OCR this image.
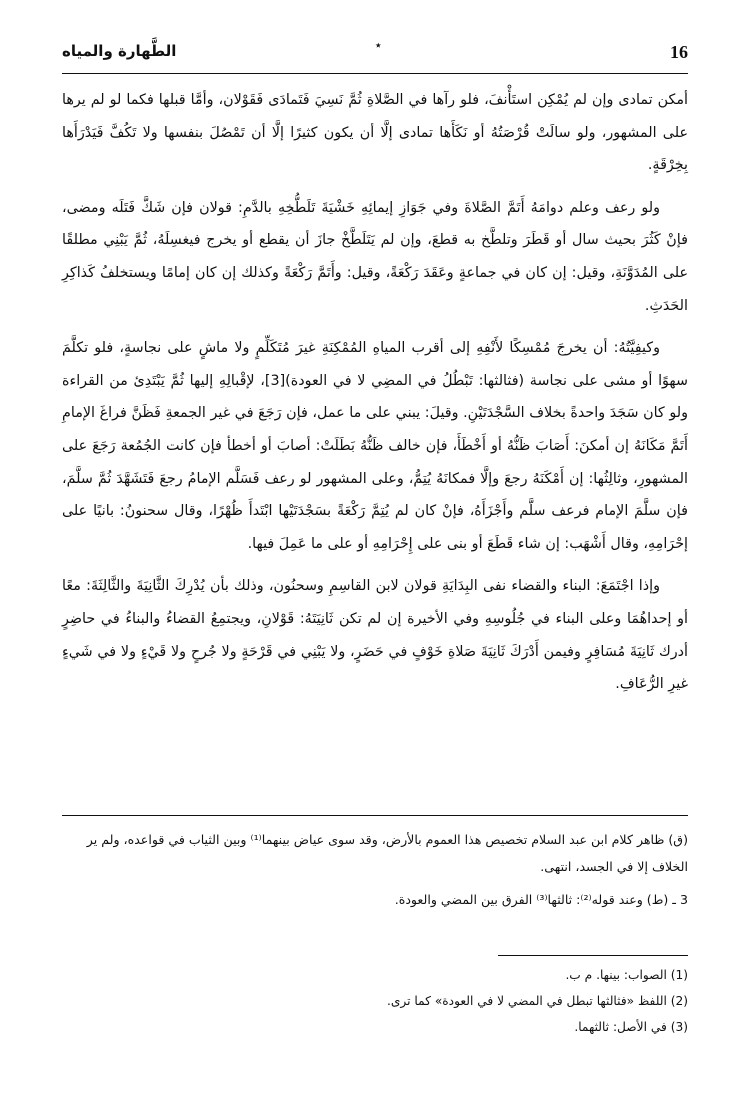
16
٭
الطَّهارة والمياه

أمكن تمادى وإن لم يُمْكِن استَأْنفَ، فلو رآها في الصَّلاةِ ثُمَّ نَسِيَ فَتَمادَى فَقَوْلان، وأمَّا قبلها فكما لو لم يرها على المشهور، ولو سالَتْ قُرْصَتُهُ أو نَكَأَها تمادى إلَّا أن يكون كثيرًا إلَّا أن تَمْصُلَ بنفسها ولا تَكُفَّ فَيَدْرَأَها بِخِرْقَةٍ.

ولو رعف وعلم دوامَهُ أَتَمَّ الصَّلاةَ وفي جَوَازِ إيمائِهِ خَشْيَةَ تَلَطُّخِهِ بالدَّمِ: قولان فإن شَكَّ فَتَلَه ومضى، فإنْ كَثُرَ بحيث سال أو قَطَرَ وتلطَّخ به قطعَ، وإن لم يَتَلَطَّخْ جازَ أن يقطع أو يخرج فيغسِلَهُ، ثُمَّ يَبْنِي مطلقًا على المُدَوَّنَةِ، وقيل: إن كان في جماعةٍ وعَقَدَ رَكْعَةً، وقيل: وأَتَمَّ رَكْعَةً وكذلك إن كان إمامًا ويستخلفُ كَذاكِرِ الحَدَثِ.

وكيفِيَّتُهُ: أن يخرجَ مُمْسِكًا لأَنْفِهِ إلى أقرب المياهِ المُمْكِنَةِ غيرَ مُتَكَلِّمٍ ولا ماشٍ على نجاسةٍ، فلو تكلَّمَ سهوًا أو مشى على نجاسة (فثالثها: تَبْطُلُ في المضِي لا في العودة)[3]، لإقْبالِهِ إليها ثُمَّ يَبْتَدِئ من القراءة ولو كان سَجَدَ واحدةً بخلاف السَّجْدَتَيْنِ. وقيلَ: يبني على ما عمل، فإن رَجَعَ في غير الجمعةِ فَظَنَّ فراغَ الإمامِ أَتَمَّ مَكَانَهُ إن أمكنَ: أَصَابَ ظَنُّهُ أو أَخْطَأَ، فإن خالف ظَنُّهُ بَطَلَتْ: أصابَ أو أخطأ فإن كانت الجُمُعة رَجَعَ على المشهورِ، وثالِثُها: إن أَمْكَنَهُ رجعَ وإلَّا فمكانَهُ يُتِمُّ، وعلى المشهور لو رعف فَسَلَّم الإمامُ رجعَ فَتَشَهَّدَ ثُمَّ سلَّمَ، فإن سلَّمَ الإمام فرعف سلَّم وأَجْزَأَهُ، فإنْ كان لم يُتِمَّ رَكْعَةً بسَجْدَتَيْها ابْتَدأَ ظُهْرًا، وقال سحنونُ: بانيًا على إحْرَامِهِ، وقال أَشْهَب: إن شاء قَطَعَ أو بنى على إِحْرَامِهِ أو على ما عَمِلَ فيها.

وإذا اجْتَمَعَ: البناء والقضاء نفى البِدَايَةِ قولان لابن القاسِمِ وسحنُون، وذلك بأن يُدْرِكَ الثَّانِيَةَ والثَّالِثَةَ: معًا أو إحداهُمَا وعلى البناء في جُلُوسِهِ وفي الأخيرة إن لم تكن ثَانِيَتَهُ: قَوْلانِ، ويجتمِعُ القضاءُ والبناءُ في حاضِرٍ أدرك ثَانِيَةَ مُسَافِرٍ وفيمن أَدْرَكَ ثَانِيَةَ صَلاةِ خَوْفٍ في حَضَرٍ، ولا يَبْنِي في قَرْحَةٍ ولا جُرحٍ ولا قَيْءٍ ولا في شَيءٍ غيرِ الرُّعَافِ.

(ق) ظاهر كلام ابن عبد السلام تخصيص هذا العموم بالأرض، وقد سوى عياض بينهما⁽¹⁾ وبين الثياب في قواعده، ولم ير الخلاف إلا في الجسد، انتهى.

3 ـ (ط) وعند قوله⁽²⁾: ثالثها⁽³⁾ الفرق بين المضي والعودة.

(1) الصواب: بينها. م ب.
(2) اللفظ «فثالثها تبطل في المضي لا في العودة» كما ترى.
(3) في الأصل: ثالثهما.
